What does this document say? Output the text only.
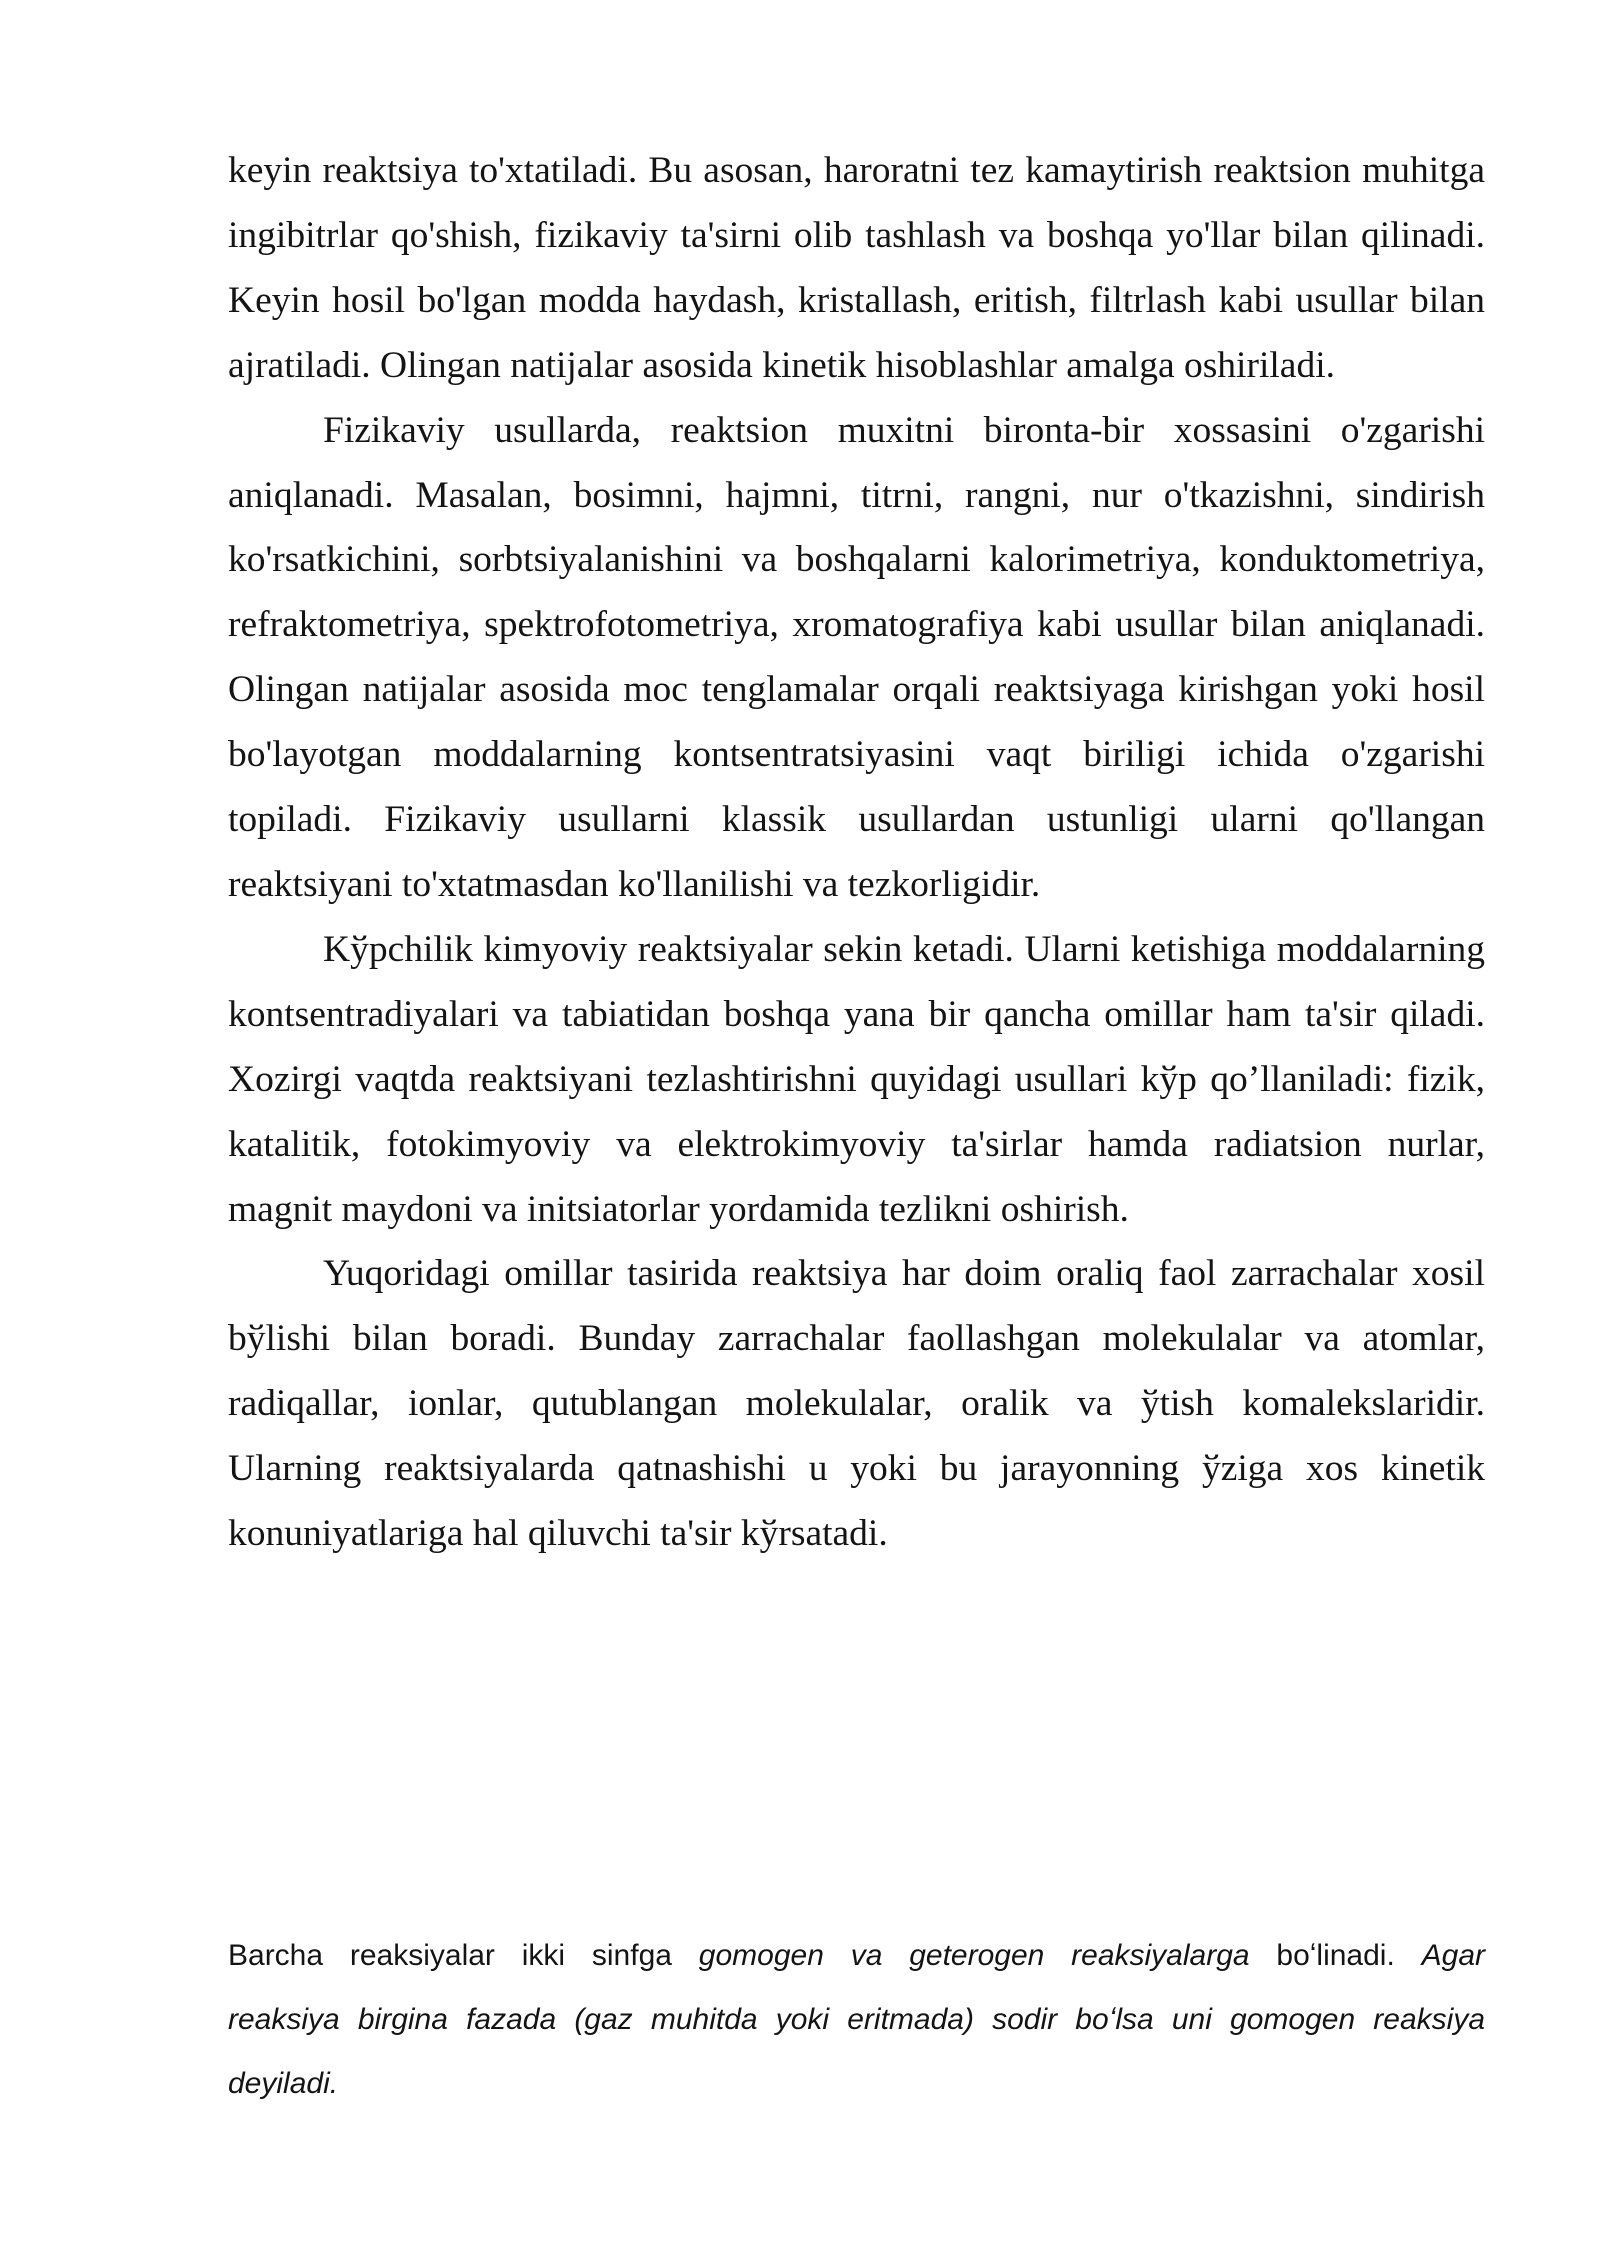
keyin reaktsiya to'xtatiladi. Bu asosan, haroratni tez kamaytirish reaktsion muhitga
ingibitrlar qo'shish, fizikaviy ta'sirni olib tashlash va boshqa yo'llar bilan qilinadi.
Keyin hosil bo'lgan modda haydash, kristallash, eritish, filtrlash kabi usullar bilan
ajratiladi. Olingan natijalar asosida kinetik hisoblashlar amalga oshiriladi.
Fizikaviy usullarda, reaktsion muxitni bironta-bir xossasini o'zgarishi
aniqlanadi. Masalan, bosimni, hajmni, titrni, rangni, nur o'tkazishni, sindirish
ko'rsatkichini, sorbtsiyalanishini va boshqalarni kalorimetriya, konduktometriya,
refraktometriya, spektrofotometriya, xromatografiya kabi usullar bilan aniqlanadi.
Olingan natijalar asosida moc tenglamalar orqali reaktsiyaga kirishgan yoki hosil
bo'layotgan moddalarning kontsentratsiyasini vaqt biriligi ichida o'zgarishi
topiladi. Fizikaviy usullarni klassik usullardan ustunligi ularni qo'llangan
reaktsiyani to'xtatmasdan ko'llanilishi va tezkorligidir.
Kўpchilik kimyoviy reaktsiyalar sekin ketadi. Ularni ketishiga moddalarning
kontsentradiyalari va tabiatidan boshqa yana bir qancha omillar ham ta'sir qiladi.
Xozirgi vaqtda reaktsiyani tezlashtirishni quyidagi usullari kўp qo’llaniladi: fizik,
katalitik, fotokimyoviy va elektrokimyoviy ta'sirlar hamda radiatsion nurlar,
magnit maydoni va initsiatorlar yordamida tezlikni oshirish.
Yuqoridagi omillar tasirida reaktsiya har doim oraliq faol zarrachalar xosil
bўlishi bilan boradi. Bunday zarrachalar faollashgan molekulalar va atomlar,
radiqallar, ionlar, qutublangan molekulalar, oralik va ўtish komalekslaridir.
Ularning reaktsiyalarda qatnashishi u yoki bu jarayonning ўziga xos kinetik
konuniyatlariga hal qiluvchi ta'sir kўrsatadi.
Barcha reaksiyalar ikki sinfga gomogen va geterogen reaksiyalarga boʻlinadi. Agar
reaksiya birgina fazada (gaz muhitda yoki eritmada) sodir boʻlsa uni gomogen reaksiya
deyiladi.
